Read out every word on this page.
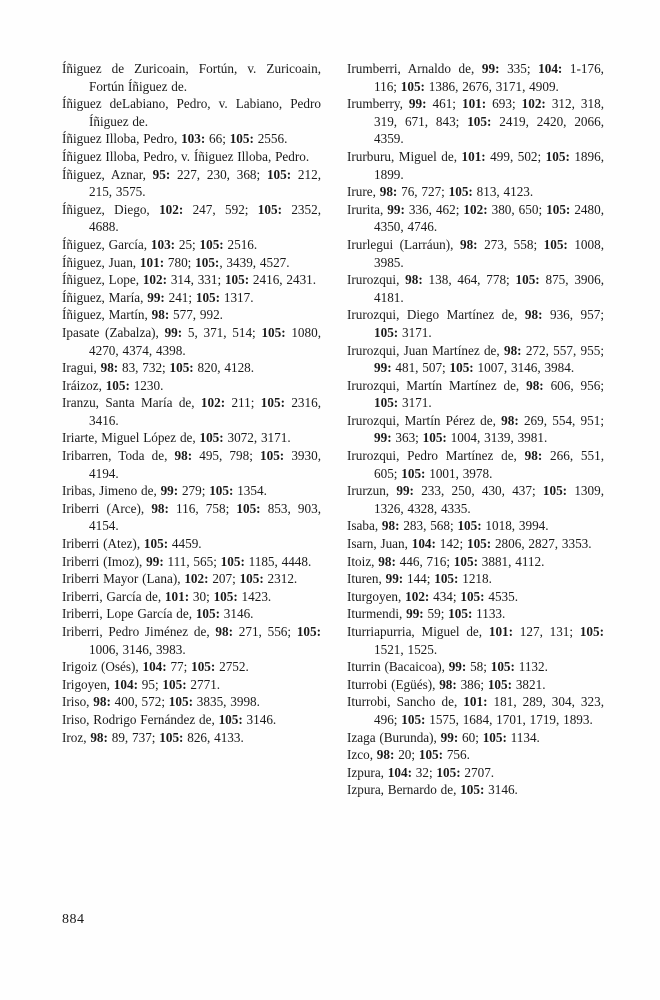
Íñiguez de Zuricoain, Fortún, v. Zuricoain, Fortún Íñiguez de.

Íñiguez deLabiano, Pedro, v. Labiano, Pedro Íñiguez de.

Íñiguez Illoba, Pedro, 103: 66; 105: 2556.

Íñiguez Illoba, Pedro, v. Íñiguez Illoba, Pedro.

Íñiguez, Aznar, 95: 227, 230, 368; 105: 212, 215, 3575.

Íñiguez, Diego, 102: 247, 592; 105: 2352, 4688.

Íñiguez, García, 103: 25; 105: 2516.

Íñiguez, Juan, 101: 780; 105:, 3439, 4527.

Íñiguez, Lope, 102: 314, 331; 105: 2416, 2431.

Íñiguez, María, 99: 241; 105: 1317.

Íñiguez, Martín, 98: 577, 992.

Ipasate (Zabalza), 99: 5, 371, 514; 105: 1080, 4270, 4374, 4398.

Iragui, 98: 83, 732; 105: 820, 4128.

Iráizoz, 105: 1230.

Iranzu, Santa María de, 102: 211; 105: 2316, 3416.

Iriarte, Miguel López de, 105: 3072, 3171.

Iribarren, Toda de, 98: 495, 798; 105: 3930, 4194.

Iribas, Jimeno de, 99: 279; 105: 1354.

Iriberri (Arce), 98: 116, 758; 105: 853, 903, 4154.

Iriberri (Atez), 105: 4459.

Iriberri (Imoz), 99: 111, 565; 105: 1185, 4448.

Iriberri Mayor (Lana), 102: 207; 105: 2312.

Iriberri, García de, 101: 30; 105: 1423.

Iriberri, Lope García de, 105: 3146.

Iriberri, Pedro Jiménez de, 98: 271, 556; 105: 1006, 3146, 3983.

Irigoiz (Osés), 104: 77; 105: 2752.

Irigoyen, 104: 95; 105: 2771.

Iriso, 98: 400, 572; 105: 3835, 3998.

Iriso, Rodrigo Fernández de, 105: 3146.

Iroz, 98: 89, 737; 105: 826, 4133.

Irumberri, Arnaldo de, 99: 335; 104: 1-176, 116; 105: 1386, 2676, 3171, 4909.

Irumberry, 99: 461; 101: 693; 102: 312, 318, 319, 671, 843; 105: 2419, 2420, 2066, 4359.

Irurburu, Miguel de, 101: 499, 502; 105: 1896, 1899.

Irure, 98: 76, 727; 105: 813, 4123.

Irurita, 99: 336, 462; 102: 380, 650; 105: 2480, 4350, 4746.

Irurlegui (Larráun), 98: 273, 558; 105: 1008, 3985.

Irurozqui, 98: 138, 464, 778; 105: 875, 3906, 4181.

Irurozqui, Diego Martínez de, 98: 936, 957; 105: 3171.

Irurozqui, Juan Martínez de, 98: 272, 557, 955; 99: 481, 507; 105: 1007, 3146, 3984.

Irurozqui, Martín Martínez de, 98: 606, 956; 105: 3171.

Irurozqui, Martín Pérez de, 98: 269, 554, 951; 99: 363; 105: 1004, 3139, 3981.

Irurozqui, Pedro Martínez de, 98: 266, 551, 605; 105: 1001, 3978.

Irurzun, 99: 233, 250, 430, 437; 105: 1309, 1326, 4328, 4335.

Isaba, 98: 283, 568; 105: 1018, 3994.

Isarn, Juan, 104: 142; 105: 2806, 2827, 3353.

Itoiz, 98: 446, 716; 105: 3881, 4112.

Ituren, 99: 144; 105: 1218.

Iturgoyen, 102: 434; 105: 4535.

Iturmendi, 99: 59; 105: 1133.

Iturriapurria, Miguel de, 101: 127, 131; 105: 1521, 1525.

Iturrin (Bacaicoa), 99: 58; 105: 1132.

Iturrobi (Egüés), 98: 386; 105: 3821.

Iturrobi, Sancho de, 101: 181, 289, 304, 323, 496; 105: 1575, 1684, 1701, 1719, 1893.

Izaga (Burunda), 99: 60; 105: 1134.

Izco, 98: 20; 105: 756.

Izpura, 104: 32; 105: 2707.

Izpura, Bernardo de, 105: 3146.

884
